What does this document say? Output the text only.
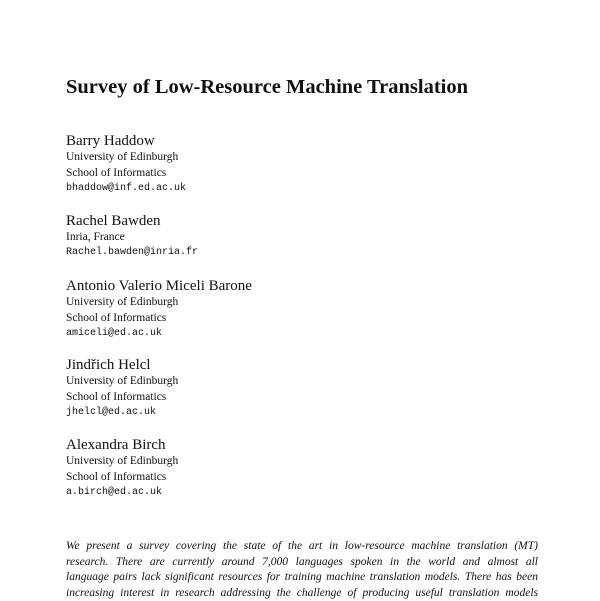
Survey of Low-Resource Machine Translation
Barry Haddow
University of Edinburgh
School of Informatics
bhaddow@inf.ed.ac.uk
Rachel Bawden
Inria, France
Rachel.bawden@inria.fr
Antonio Valerio Miceli Barone
University of Edinburgh
School of Informatics
amiceli@ed.ac.uk
Jindřich Helcl
University of Edinburgh
School of Informatics
jhelcl@ed.ac.uk
Alexandra Birch
University of Edinburgh
School of Informatics
a.birch@ed.ac.uk
We present a survey covering the state of the art in low-resource machine translation (MT)
research. There are currently around 7,000 languages spoken in the world and almost all
language pairs lack significant resources for training machine translation models. There has been
increasing interest in research addressing the challenge of producing useful translation models
